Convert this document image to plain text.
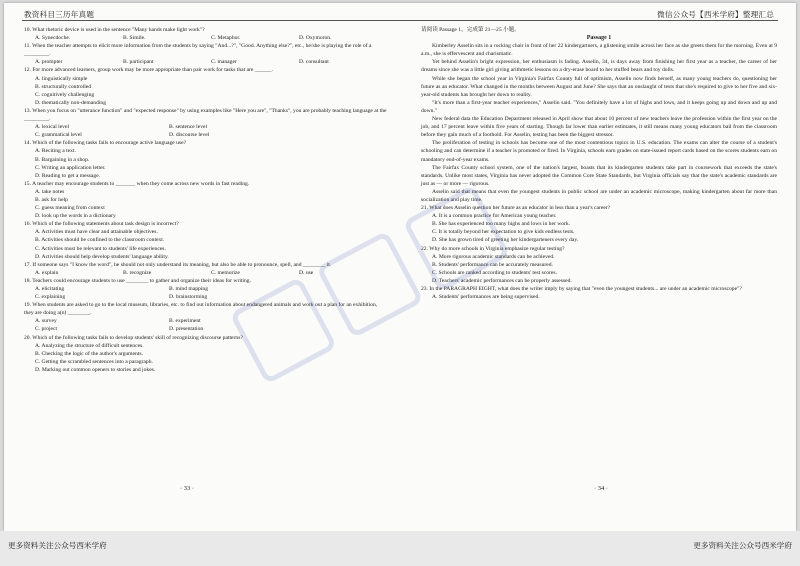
教资科目三历年真题	微信公众号【西米学府】整理汇总

10. What rhetoric device is used in the sentence "Many hands make light work"?

A. Synecdoche.	B. Simile.	C. Metaphor.	D. Oxymoron.

11. When the teacher attempts to elicit more information from the students by saying "And...?", "Good. Anything else?", etc., he/she is playing the role of a _________.

A. prompter	B. participant	C. manager	D. consultant

12. For more advanced learners, group work may be more appropriate than pair work for tasks that are ______.

A. linguistically simple
B. structurally controlled
C. cognitively challenging
D. thematically non-demanding

13. When you focus on "utterance function" and "expected response" by using examples like "Here you are", "Thanks", you are probably teaching language at the _________.

A. lexical level	B. sentence level
C. grammatical level	D. discourse level

14. Which of the following tasks fails to encourage active language use?

A. Reciting a text.
B. Bargaining in a shop.
C. Writing an application letter.
D. Reading to get a message.

15. A teacher may encourage students to _______ when they come across new words in fast reading.

A. take notes
B. ask for help
C. guess meaning from context
D. look up the words in a dictionary

16. Which of the following statements about task design is incorrect?

A. Activities must have clear and attainable objectives.
B. Activities should be confined to the classroom context.
C. Activities must be relevant to students' life experiences.
D. Activities should help develop students' language ability.

17. If someone says "I know the word", he should not only understand its meaning, but also be able to pronounce, spell, and ________ it.

A. explain	B. recognize	C. memorize	D. use

18. Teachers could encourage students to use ________ to gather and organize their ideas for writing.

A. elicitating	B. mind mapping
C. explaining	D. brainstorming

19. When students are asked to go to the local museum, libraries, etc. to find out information about endangered animals and work out a plan for an exhibition, they are doing a(n) ________.

A. survey	B. experiment
C. project	D. presentation

20. Which of the following tasks fails to develop students' skill of recognizing discourse patterns?

A. Analyzing the structure of difficult sentences.
B. Checking the logic of the author's arguments.
C. Getting the scrambled sentences into a paragraph.
D. Marking out common openers to stories and jokes.

请阅读 Passage 1，完成第 21—25 小题。

Passage 1

Kimberley Asselin sits in a rocking chair in front of her 22 kindergartners, a glistening smile across her face as she greets them for the morning. Even at 9 a.m., she is effervescent and charismatic.

Yet behind Asselin's bright expression, her enthusiasm is fading. Asselin, 34, is days away from finishing her first year as a teacher, the career of her dreams since she was a little girl giving arithmetic lessons on a dry-erase board to her stuffed bears and toy dolls.

While she began the school year in Virginia's Fairfax County full of optimism, Asselin now finds herself, as many young teachers do, questioning her future as an educator. What changed in the months between August and June? She says that an onslaught of tests that she's required to give to her five and six-year-old students has brought her down to reality.

"It's more than a first-year teacher experiences," Asselin said. "You definitely have a lot of highs and lows, and it keeps going up and down and up and down."

New federal data the Education Department released in April show that about 10 percent of new teachers leave the profession within the first year on the job, and 17 percent leave within five years of starting. Though far lower than earlier estimates, it still means many young educators bail from the classroom before they gain much of a foothold. For Asselin, testing has been the biggest stressor.

The proliferation of testing in schools has become one of the most contentious topics in U.S. education. The exams can alter the course of a student's schooling and can determine if a teacher is promoted or fired. In Virginia, schools earn grades on state-issued report cards based on the scores students earn on mandatory end-of-year exams.

The Fairfax County school system, one of the nation's largest, boasts that its kindergarten students take part in coursework that exceeds the state's standards. Unlike most states, Virginia has never adopted the Common Core State Standards, but Virginia officials say that the state's academic standards are just as — or more — rigorous.

Asselin said that means that even the youngest students in public school are under an academic microscope, making kindergarten about far more than socialization and play time.

21. What does Asselin question her future as an educator in less than a year's career?

A. It is a common practice for American young teacher.
B. She has experienced too many highs and lows in her work.
C. It is totally beyond her expectation to give kids endless tests.
D. She has grown tired of greeting her kindergarteners every day.

22. Why do more schools in Virginia emphasize regular testing?

A. More rigorous academic standards can be achieved.
B. Students' performance can be accurately measured.
C. Schools are ranked according to students' test scores.
D. Teachers' academic performances can be properly assessed.

23. In the PARAGRAPH EIGHT, what does the writer imply by saying that "even the youngest students... are under an academic microscope"?

A. Students' performances are being supervised.
· 33 ·	· 34 ·
更多资料关注公众号西米学府	更多资料关注公众号西米学府
